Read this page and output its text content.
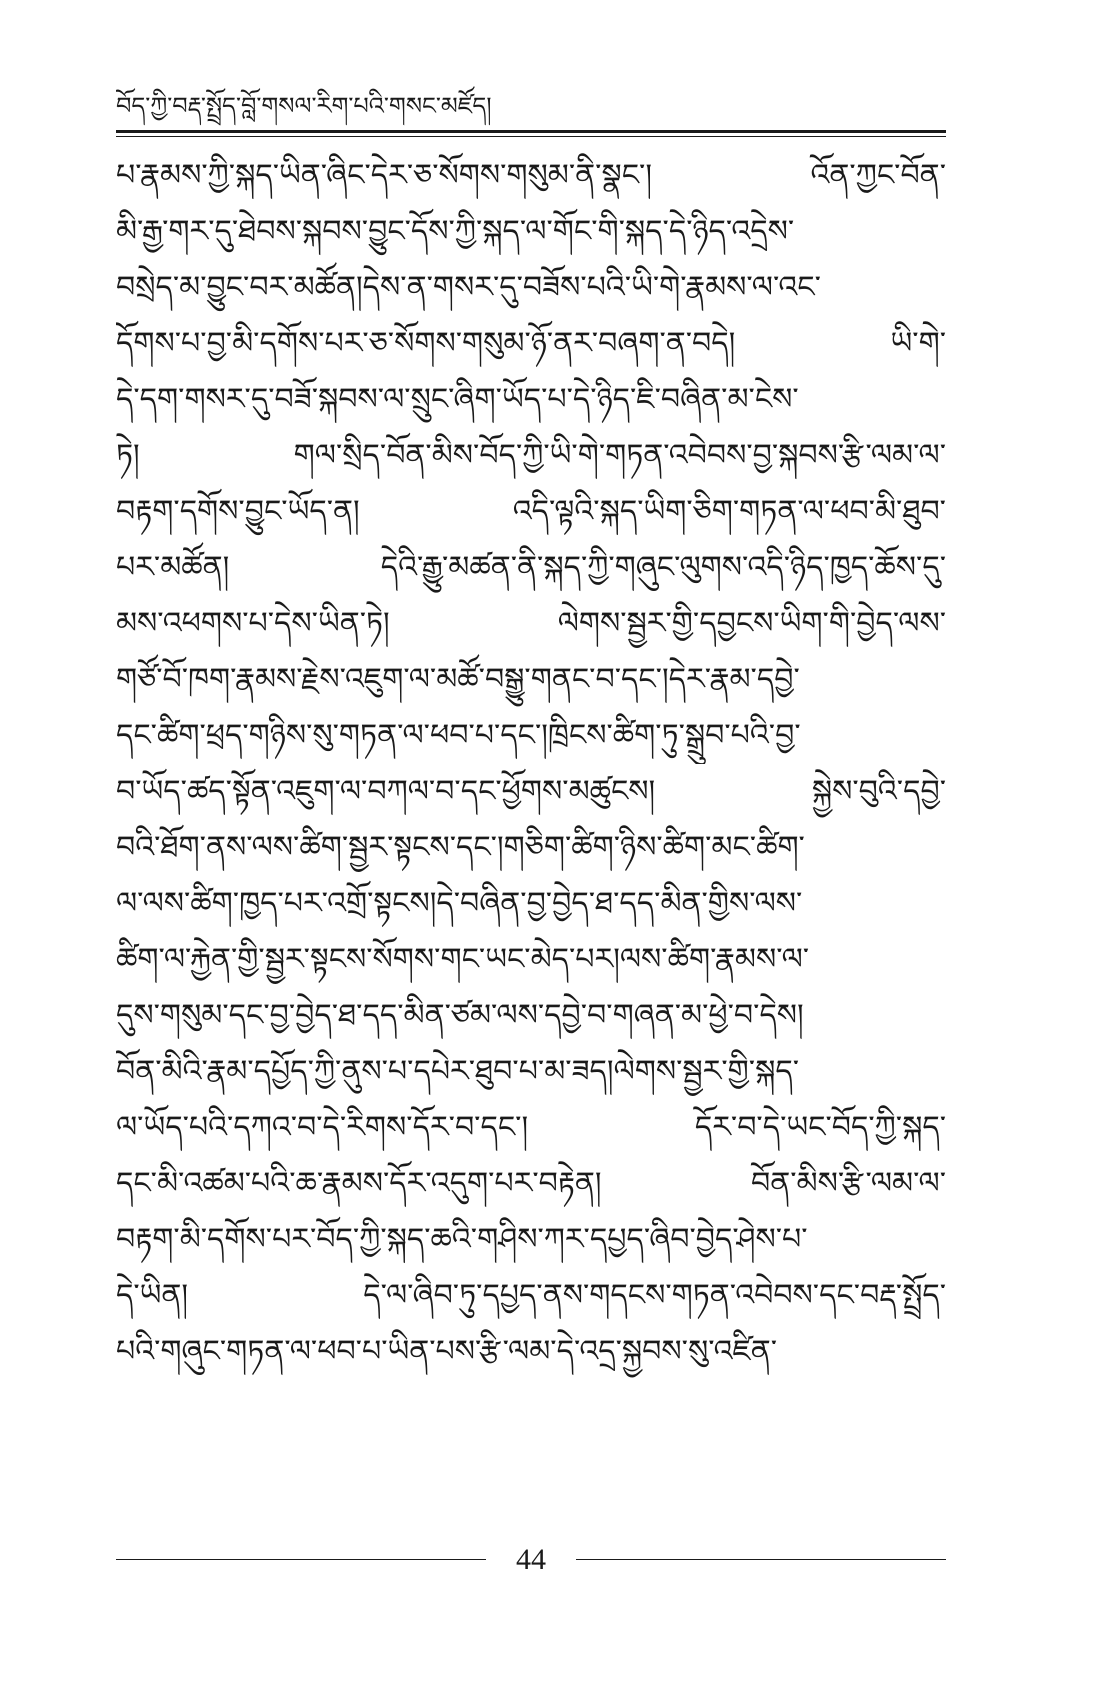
བོད་ཀྱི་བརྡ་སྤྲོད་བློ་གསལ་རིག་པའི་གསང་མཛོད།
པ་རྣམས་ཀྱི་སྐད་ཡིན་ཞིང་དེར་ཅ་སོགས་གསུམ་ནི་སྣང་། འོན་ཀྱང་བོན་
མི་རྒྱ་གར་དུ་ཐེབས་སྐབས་བྱུང་དོས་ཀྱི་སྐད་ལ་གོང་གི་སྐད་དེ་ཉིད་འདྲེས་
བསྲེད་མ་བྱུང་བར་མཚོན།དེས་ན་གསར་དུ་བཟོས་པའི་ཡི་གེ་རྣམས་ལ་འང་
དོགས་པ་བྱ་མི་དགོས་པར་ཅ་སོགས་གསུམ་ཉོ་ནར་བཞག་ན་བདེ། ཡི་གེ་
དེ་དག་གསར་དུ་བཟོ་སྐབས་ལ་སྲུང་ཞིག་ཡོད་པ་དེ་ཉིད་ཇི་བཞིན་མ་ངེས་
ཏེ། གལ་སྲིད་བོན་མིས་བོད་ཀྱི་ཡི་གེ་གཏན་འབེབས་བྱ་སྐབས་རྩི་ལམ་ལ་
བརྟག་དགོས་བྱུང་ཡོད་ན། འདི་ལྟའི་སྐད་ཡིག་ཅིག་གཏན་ལ་ཕབ་མི་ཐུབ་
པར་མཚོན། དེའི་རྒྱུ་མཚན་ནི་སྐད་ཀྱི་གཞུང་ལུགས་འདི་ཉིད་ཁྱད་ཆོས་དུ་
མས་འཕགས་པ་དེས་ཡིན་ཏེ། ལེགས་སྦྱར་གྱི་དབྱངས་ཡིག་གི་བྱེད་ལས་
གཙོ་བོ་ཁག་རྣམས་རྗེས་འཇུག་ལ་མཚོ་བསྒྱུ་གནང་བ་དང་།དེར་རྣམ་དབྱེ་
དང་ཚིག་ཕྲད་གཉིས་སུ་གཏན་ལ་ཕབ་པ་དང་།ཁྲིངས་ཚིག་ཏུ་སྒྲུབ་པའི་བྱ་
བ་ཡོད་ཚད་སྟོན་འཇུག་ལ་བཀལ་བ་དང་ཕྱོགས་མཚུངས། སྐྱེས་བུའི་དབྱེ་
བའི་ཐོག་ནས་ལས་ཚིག་སྦྱར་སྟངས་དང་།གཅིག་ཚིག་ཉིས་ཚིག་མང་ཚིག་
ལ་ལས་ཚིག་ཁྱད་པར་འགྲོ་སྟངས།དེ་བཞིན་བྱ་བྱེད་ཐ་དད་མིན་གྱིས་ལས་
ཚིག་ལ་རྐྱེན་གྱི་སྦྱར་སྟངས་སོགས་གང་ཡང་མེད་པར།ལས་ཚིག་རྣམས་ལ་
དུས་གསུམ་དང་བྱ་བྱེད་ཐ་དད་མིན་ཙམ་ལས་དབྱེ་བ་གཞན་མ་ཕྱེ་བ་དེས།
བོན་མིའི་རྣམ་དཔྱོད་ཀྱི་ནུས་པ་དཔེར་ཐུབ་པ་མ་ཟད།ལེགས་སྦྱར་གྱི་སྐད་
ལ་ཡོད་པའི་དཀའ་བ་དེ་རིགས་དོར་བ་དང་། དོར་བ་དེ་ཡང་བོད་ཀྱི་སྐད་
དང་མི་འཚམ་པའི་ཆ་རྣམས་དོར་འདུག་པར་བརྟེན། བོན་མིས་རྩི་ལམ་ལ་
བརྟག་མི་དགོས་པར་བོད་ཀྱི་སྐད་ཆའི་གཤིས་ཀར་དཔྱད་ཞིབ་བྱེད་ཤེས་པ་
དེ་ཡིན། དེ་ལ་ཞིབ་ཏུ་དཔྱད་ནས་གདངས་གཏན་འབེབས་དང་བརྡ་སྤྲོད་
པའི་གཞུང་གཏན་ལ་ཕབ་པ་ཡིན་པས་རྩི་ལམ་དེ་འདྲ་སྐྱབས་སུ་འཛིན་
44
